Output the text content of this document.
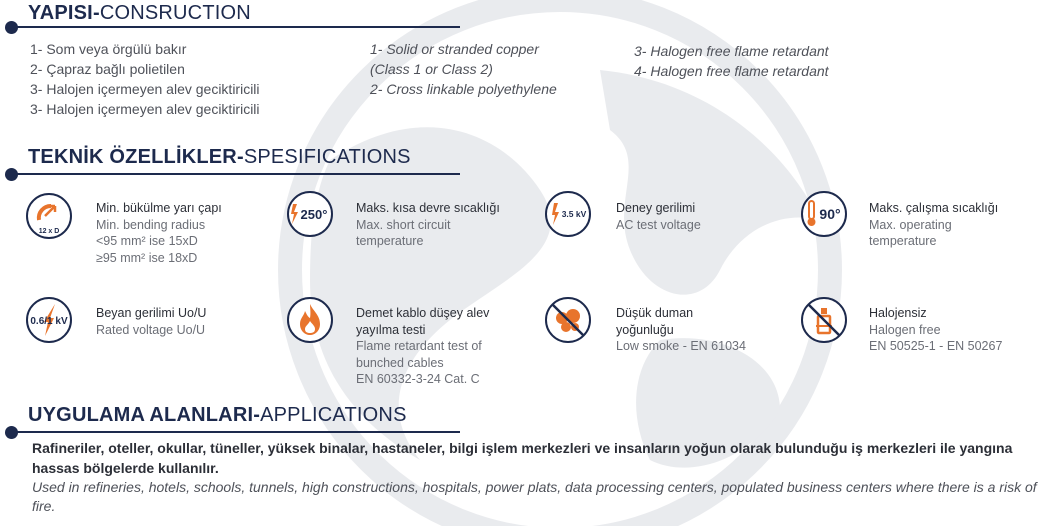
YAPISI-CONSRUCTION
1- Som veya örgülü bakır
2- Çapraz bağlı polietilen
3- Halojen içermeyen alev geciktiricili
3- Halojen içermeyen alev geciktiricili
1- Solid or stranded copper
(Class 1 or Class 2)
2- Cross linkable polyethylene
3- Halogen free flame retardant
4- Halogen free flame retardant
TEKNİK ÖZELLİKLER-SPESIFICATIONS
12 x D
Min. bükülme yarı çapı
Min. bending radius
<95 mm² ise 15xD
≥95 mm² ise 18xD
250° Maks. kısa devre sıcaklığı
Max. short circuit
temperature
3.5 kV Deney gerilimi
AC test voltage
90° Maks. çalışma sıcaklığı
Max. operating
temperature
0.6/1 kV
Beyan gerilimi Uo/U
Rated voltage Uo/U
Demet kablo düşey alev
yayılma testi
Flame retardant test of
bunched cables
EN 60332-3-24 Cat. C
Düşük duman
yoğunluğu
Low smoke - EN 61034
Halojensiz
Halogen free
EN 50525-1 - EN 50267
UYGULAMA ALANLARI-APPLICATIONS
Rafineriler, oteller, okullar, tüneller, yüksek binalar, hastaneler, bilgi işlem merkezleri ve insanların yoğun olarak bulunduğu iş merkezleri ile yangına hassas bölgelerde kullanılır.
Used in refineries, hotels, schools, tunnels, high constructions, hospitals, power plats, data processing centers, populated business centers where there is a risk of fire.
